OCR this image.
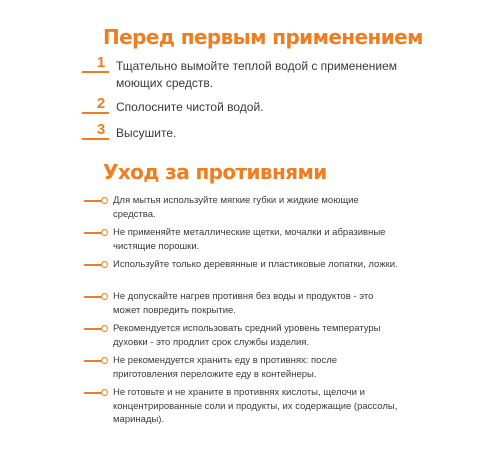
Перед первым применением
1 Тщательно вымойте теплой водой с применением моющих средств.
2 Сполосните чистой водой.
3 Высушите.
Уход за противнями
Для мытья используйте мягкие губки и жидкие моющие средства.
Не применяйте металлические щетки, мочалки и абразивные чистящие порошки.
Используйте только деревянные и пластиковые лопатки, ложки.
Не допускайте нагрев противня без воды и продуктов - это может повредить покрытие.
Рекомендуется использовать средний уровень температуры духовки - это продлит срок службы изделия.
Не рекомендуется хранить еду в противнях: после приготовления переложите еду в контейнеры.
Не готовьте и не храните в противнях кислоты, щелочи и концентрированные соли и продукты, их содержащие (рассолы, маринады).
